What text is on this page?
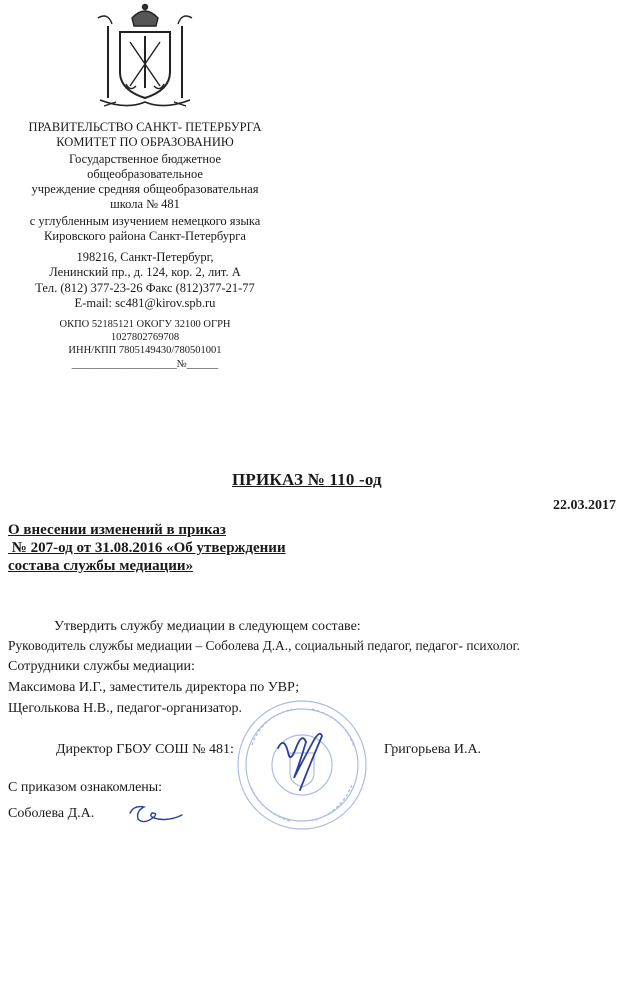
ПРАВИТЕЛЬСТВО САНКТ- ПЕТЕРБУРГА
КОМИТЕТ ПО ОБРАЗОВАНИЮ
Государственное бюджетное
общеобразовательное
учреждение средняя общеобразовательная
школа № 481
с углубленным изучением немецкого языка
Кировского района Санкт-Петербурга
198216, Санкт-Петербург,
Ленинский пр., д. 124, кор. 2, лит. А
Тел. (812) 377-23-26 Факс (812)377-21-77
E-mail: sc481@kirov.spb.ru
ОКПО 52185121 ОКОГУ 32100 ОГРН
1027802769708
ИНН/КПП 7805149430/780501001
____________________№______
ПРИКАЗ № 110 -од
22.03.2017
О внесении изменений в приказ
№ 207-од от 31.08.2016 «Об утверждении
состава службы медиации»
Утвердить службу медиации в следующем составе:
Руководитель службы медиации – Соболева Д.А., социальный педагог, педагог- психолог.
Сотрудники службы медиации:
Максимова И.Г., заместитель директора по УВР;
Щеголькова Н.В., педагог-организатор.
Директор ГБОУ СОШ № 481:	Григорьева И.А.
С приказом ознакомлены:
Соболева Д.А.
